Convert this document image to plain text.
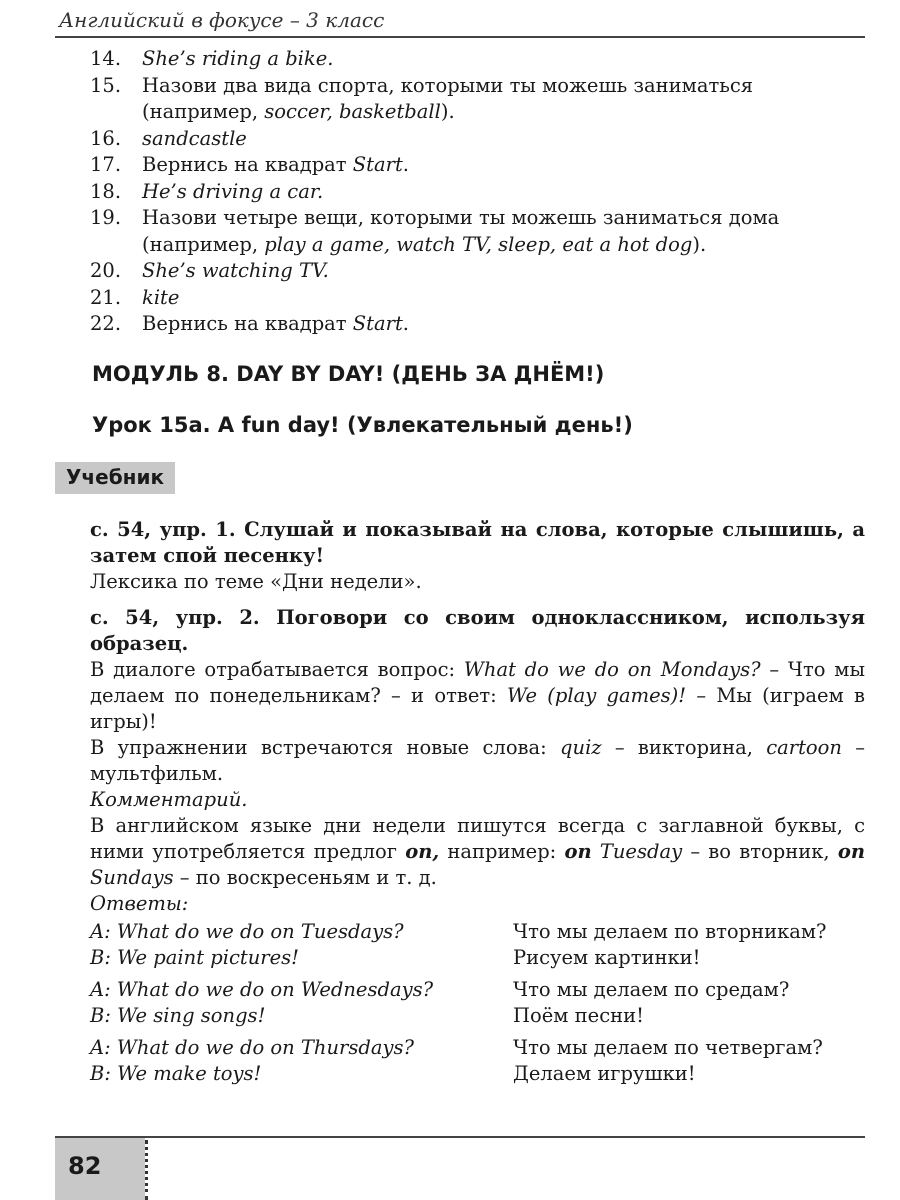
Английский в фокусе – 3 класс
14. She’s riding a bike.
15. Назови два вида спорта, которыми ты можешь заниматься (например, soccer, basketball).
16. sandcastle
17. Вернись на квадрат Start.
18. He’s driving a car.
19. Назови четыре вещи, которыми ты можешь заниматься дома (например, play a game, watch TV, sleep, eat a hot dog).
20. She’s watching TV.
21. kite
22. Вернись на квадрат Start.
МОДУЛЬ 8. DAY BY DAY! (ДЕНЬ ЗА ДНЁМ!)
Урок 15a. A fun day! (Увлекательный день!)
Учебник

с. 54, упр. 1. Слушай и показывай на слова, которые слышишь, а затем спой песенку!

Лексика по теме «Дни недели».

с. 54, упр. 2. Поговори со своим одноклассником, используя образец.

В диалоге отрабатывается вопрос: What do we do on Mondays? – Что мы делаем по понедельникам? – и ответ: We (play games)! – Мы (играем в игры)!

В упражнении встречаются новые слова: quiz – викторина, cartoon – мультфильм.

Комментарий.

В английском языке дни недели пишутся всегда с заглавной буквы, с ними употребляется предлог on, например: on Tuesday – во вторник, on Sundays – по воскресеньям и т. д.

Ответы:

A: What do we do on Tuesdays?	Что мы делаем по вторникам?
B: We paint pictures!	Рисуем картинки!
A: What do we do on Wednesdays?	Что мы делаем по средам?
B: We sing songs!	Поём песни!
A: What do we do on Thursdays?	Что мы делаем по четвергам?
B: We make toys!	Делаем игрушки!
82
